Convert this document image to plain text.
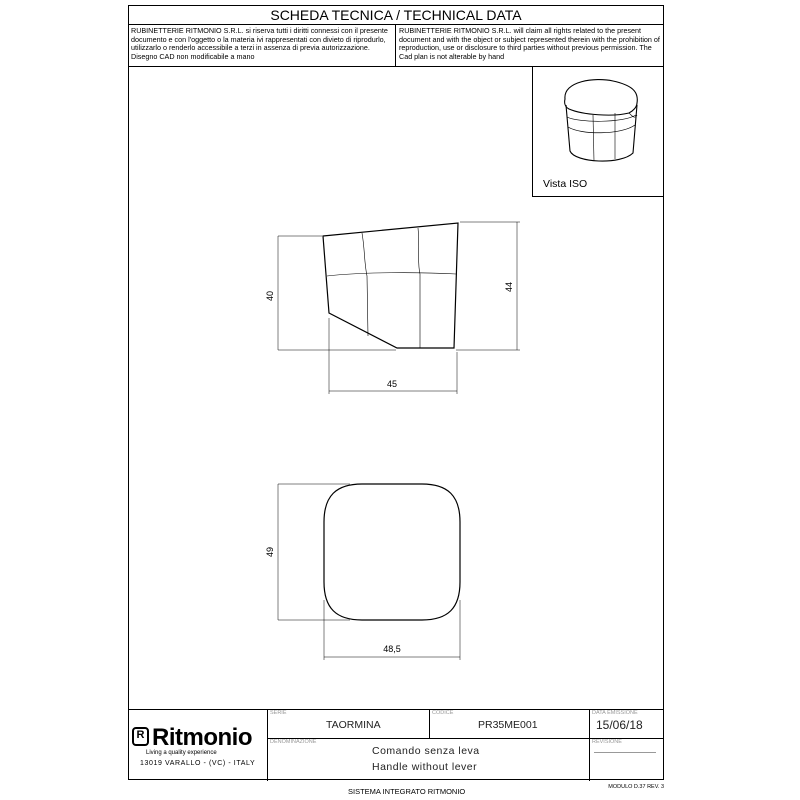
SCHEDA TECNICA / TECHNICAL DATA
RUBINETTERIE RITMONIO S.R.L. si riserva tutti i diritti connessi con il presente documento e con l'oggetto o la materia ivi rappresentati con divieto di riprodurlo, utilizzarlo o renderlo accessibile a terzi in assenza di previa autorizzazione. Disegno CAD non modificabile a mano
RUBINETTERIE RITMONIO S.R.L. will claim all rights related to the present document and with the object or subject represented therein with the prohibition of reproduction, use or disclosure to third parties without previous permission. The Cad plan is not alterable by hand
Vista ISO
40
44
45
49
48,5
R Ritmonio
Living a quality experience
13019 VARALLO - (VC) - ITALY
SERIE
TAORMINA
CODICE
PR35ME001
DATA EMISSIONE
15/06/18
DENOMINAZIONE
Comando senza leva
Handle without lever
REVISIONE
SISTEMA INTEGRATO RITMONIO	MODULO D.37 REV. 3
